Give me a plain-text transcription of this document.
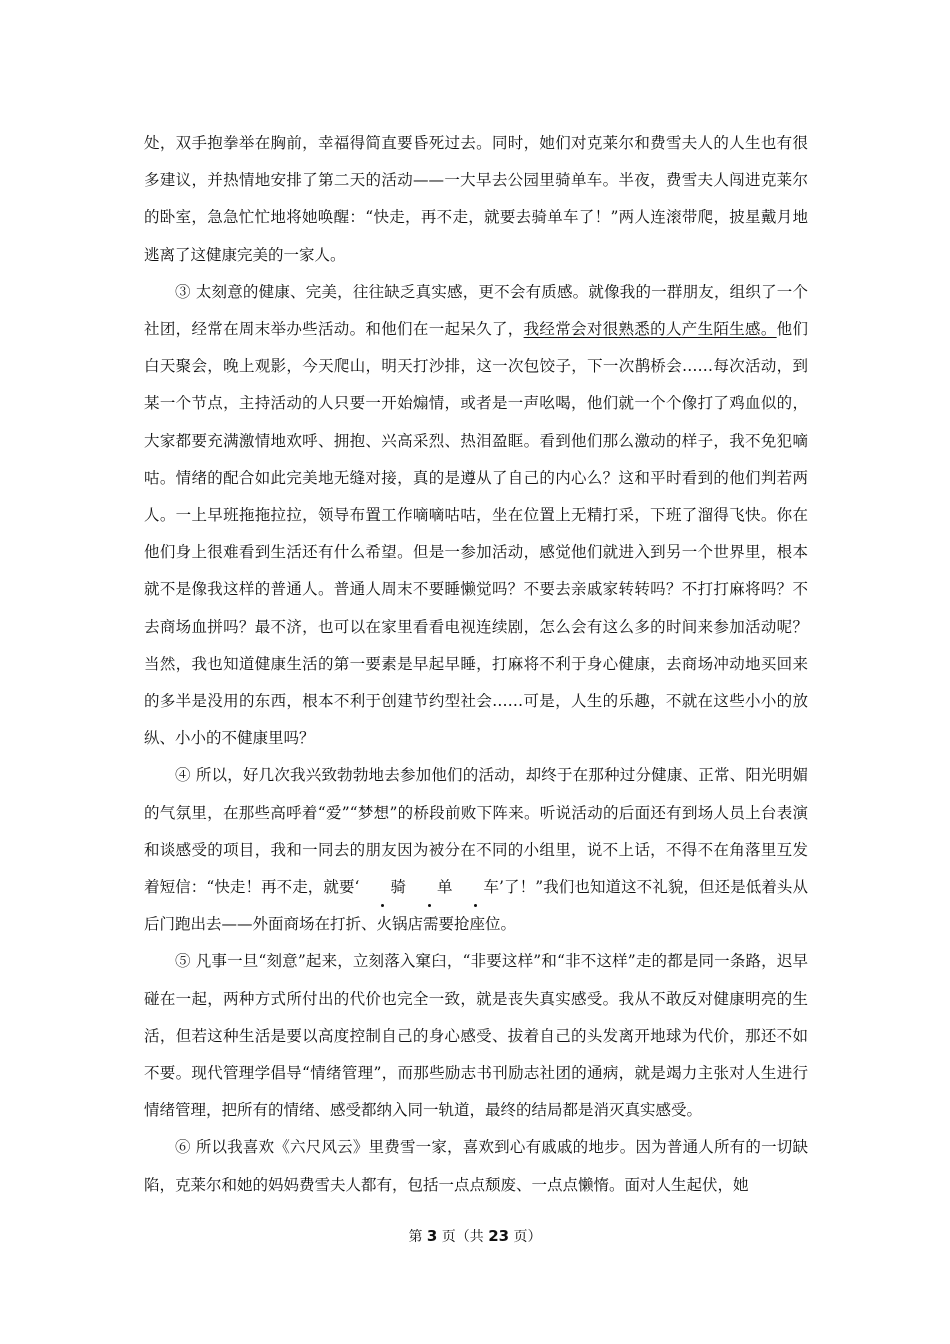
处，双手抱拳举在胸前，幸福得简直要昏死过去。同时，她们对克莱尔和费雪夫人的人生也有很多建议，并热情地安排了第二天的活动——一大早去公园里骑单车。半夜，费雪夫人闯进克莱尔的卧室，急急忙忙地将她唤醒：“快走，再不走，就要去骑单车了！”两人连滚带爬，披星戴月地逃离了这健康完美的一家人。

③ 太刻意的健康、完美，往往缺乏真实感，更不会有质感。就像我的一群朋友，组织了一个社团，经常在周末举办些活动。和他们在一起呆久了，我经常会对很熟悉的人产生陌生感。他们白天聚会，晚上观影，今天爬山，明天打沙排，这一次包饺子，下一次鹊桥会……每次活动，到某一个节点，主持活动的人只要一开始煽情，或者是一声吆喝，他们就一个个像打了鸡血似的，大家都要充满激情地欢呼、拥抱、兴高采烈、热泪盈眶。看到他们那么激动的样子，我不免犯嘀咕。情绪的配合如此完美地无缝对接，真的是遵从了自己的内心么？这和平时看到的他们判若两人。一上早班拖拖拉拉，领导布置工作嘀嘀咕咕，坐在位置上无精打采，下班了溜得飞快。你在他们身上很难看到生活还有什么希望。但是一参加活动，感觉他们就进入到另一个世界里，根本就不是像我这样的普通人。普通人周末不要睡懒觉吗？不要去亲戚家转转吗？不打打麻将吗？不去商场血拼吗？最不济，也可以在家里看看电视连续剧，怎么会有这么多的时间来参加活动呢？当然，我也知道健康生活的第一要素是早起早睡，打麻将不利于身心健康，去商场冲动地买回来的多半是没用的东西，根本不利于创建节约型社会……可是，人生的乐趣，不就在这些小小的放纵、小小的不健康里吗？

④ 所以，好几次我兴致勃勃地去参加他们的活动，却终于在那种过分健康、正常、阳光明媚的气氛里，在那些高呼着“爱”“梦想”的桥段前败下阵来。听说活动的后面还有到场人员上台表演和谈感受的项目，我和一同去的朋友因为被分在不同的小组里，说不上话，不得不在角落里互发着短信：“快走！再不走，就要‘ 骑 单 车’了！”我们也知道这不礼貌，但还是低着头从后门跑出去——外面商场在打折、火锅店需要抢座位。

⑤ 凡事一旦“刻意”起来，立刻落入窠臼，“非要这样”和“非不这样”走的都是同一条路，迟早碰在一起，两种方式所付出的代价也完全一致，就是丧失真实感受。我从不敢反对健康明亮的生活，但若这种生活是要以高度控制自己的身心感受、拔着自己的头发离开地球为代价，那还不如不要。现代管理学倡导“情绪管理”，而那些励志书刊励志社团的通病，就是竭力主张对人生进行情绪管理，把所有的情绪、感受都纳入同一轨道，最终的结局都是消灭真实感受。

⑥ 所以我喜欢《六尺风云》里费雪一家，喜欢到心有戚戚的地步。因为普通人所有的一切缺陷，克莱尔和她的妈妈费雪夫人都有，包括一点点颓废、一点点懒惰。面对人生起伏，她

第 3 页（共 23 页）
